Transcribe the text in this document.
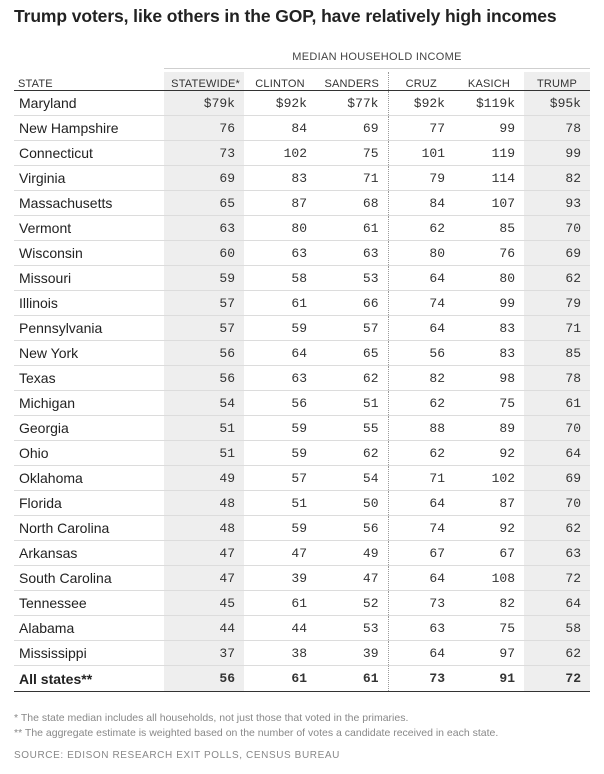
Trump voters, like others in the GOP, have relatively high incomes
MEDIAN HOUSEHOLD INCOME
STATE	STATEWIDE*	CLINTON	SANDERS	CRUZ	KASICH	TRUMP
Maryland	$79k	$92k	$77k	$92k	$119k	$95k
New Hampshire	76	84	69	77	99	78
Connecticut	73	102	75	101	119	99
Virginia	69	83	71	79	114	82
Massachusetts	65	87	68	84	107	93
Vermont	63	80	61	62	85	70
Wisconsin	60	63	63	80	76	69
Missouri	59	58	53	64	80	62
Illinois	57	61	66	74	99	79
Pennsylvania	57	59	57	64	83	71
New York	56	64	65	56	83	85
Texas	56	63	62	82	98	78
Michigan	54	56	51	62	75	61
Georgia	51	59	55	88	89	70
Ohio	51	59	62	62	92	64
Oklahoma	49	57	54	71	102	69
Florida	48	51	50	64	87	70
North Carolina	48	59	56	74	92	62
Arkansas	47	47	49	67	67	63
South Carolina	47	39	47	64	108	72
Tennessee	45	61	52	73	82	64
Alabama	44	44	53	63	75	58
Mississippi	37	38	39	64	97	62
All states**	56	61	61	73	91	72
* The state median includes all households, not just those that voted in the primaries.
** The aggregate estimate is weighted based on the number of votes a candidate received in each state.
SOURCE: EDISON RESEARCH EXIT POLLS, CENSUS BUREAU
